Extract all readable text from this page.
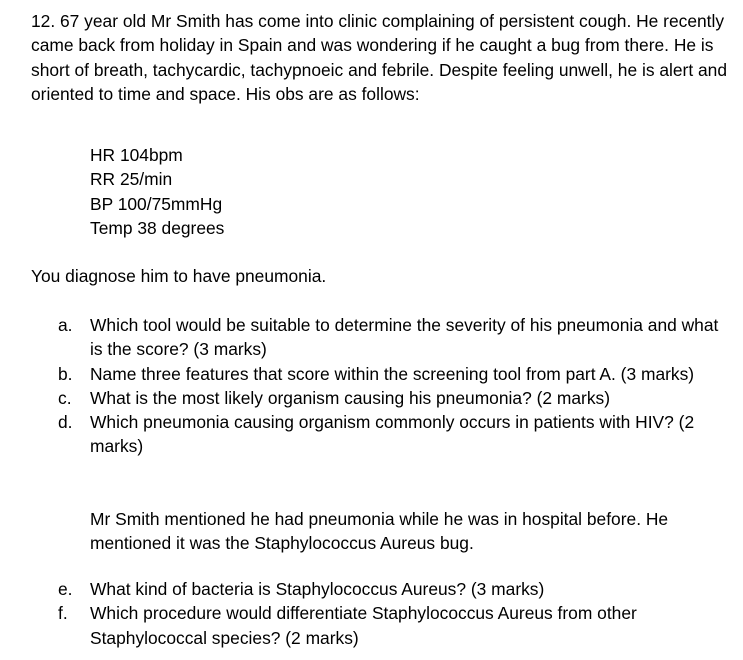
12. 67 year old Mr Smith has come into clinic complaining of persistent cough. He recently came back from holiday in Spain and was wondering if he caught a bug from there. He is short of breath, tachycardic, tachypnoeic and febrile. Despite feeling unwell, he is alert and oriented to time and space. His obs are as follows:

HR 104bpm
RR 25/min
BP 100/75mmHg
Temp 38 degrees

You diagnose him to have pneumonia.

a.	Which tool would be suitable to determine the severity of his pneumonia and what is the score? (3 marks)
b.	Name three features that score within the screening tool from part A. (3 marks)
c.	What is the most likely organism causing his pneumonia? (2 marks)
d.	Which pneumonia causing organism commonly occurs in patients with HIV? (2 marks)

Mr Smith mentioned he had pneumonia while he was in hospital before. He mentioned it was the Staphylococcus Aureus bug.

e.	What kind of bacteria is Staphylococcus Aureus? (3 marks)
f.	Which procedure would differentiate Staphylococcus Aureus from other Staphylococcal species? (2 marks)
